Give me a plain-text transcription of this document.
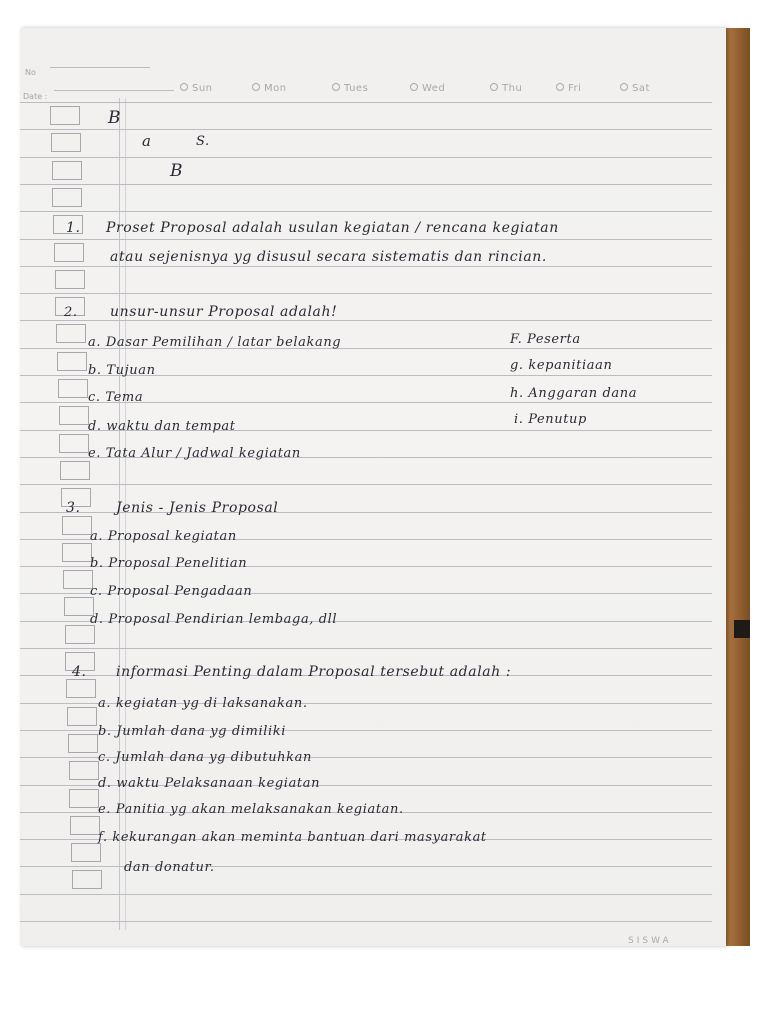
No
Date :
Sun	Mon	Tues	Wed	Thu	Fri	Sat
B
a	S.
B
1. Proset Proposal adalah usulan kegiatan / rencana kegiatan
atau sejenisnya yg disusul secara sistematis dan rincian.
2. unsur-unsur Proposal adalah!
a. Dasar Pemilihan / latar belakang
b. Tujuan
c. Tema
d. waktu dan tempat
e. Tata Alur / Jadwal kegiatan
F. Peserta
g. kepanitiaan
h. Anggaran dana
i. Penutup
3.	Jenis - Jenis Proposal
a. Proposal kegiatan
b. Proposal Penelitian
c. Proposal Pengadaan
d. Proposal Pendirian lembaga, dll
4. informasi Penting dalam Proposal tersebut adalah :
a. kegiatan yg di laksanakan.
b. Jumlah dana yg dimiliki
c. Jumlah dana yg dibutuhkan
d. waktu Pelaksanaan kegiatan
e. Panitia yg akan melaksanakan kegiatan.
f. kekurangan akan meminta bantuan dari masyarakat
dan donatur.
SISWA
